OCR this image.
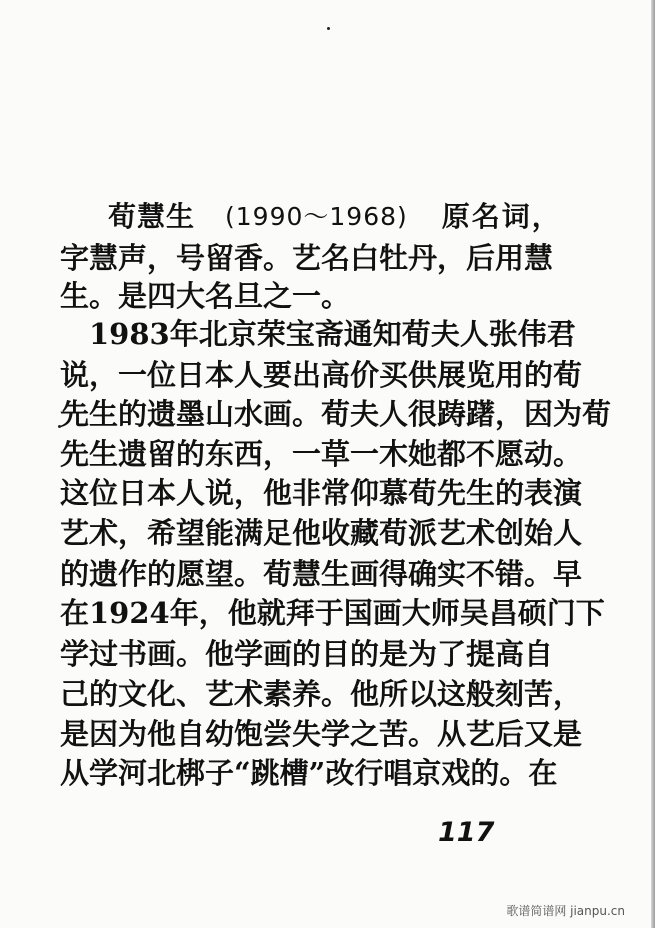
荀慧生 (1990～1968) 原名词，
字慧声，号留香。艺名白牡丹，后用慧
生。是四大名旦之一。
　1983年北京荣宝斋通知荀夫人张伟君
说，一位日本人要出高价买供展览用的荀
先生的遗墨山水画。荀夫人很踌躇，因为荀
先生遗留的东西，一草一木她都不愿动。
这位日本人说，他非常仰慕荀先生的表演
艺术，希望能满足他收藏荀派艺术创始人
的遗作的愿望。荀慧生画得确实不错。早
在1924年，他就拜于国画大师吴昌硕门下
学过书画。他学画的目的是为了提高自
己的文化、艺术素养。他所以这般刻苦，
是因为他自幼饱尝失学之苦。从艺后又是
从学河北梆子“跳槽”改行唱京戏的。在
117
歌谱简谱网 jianpu.cn
